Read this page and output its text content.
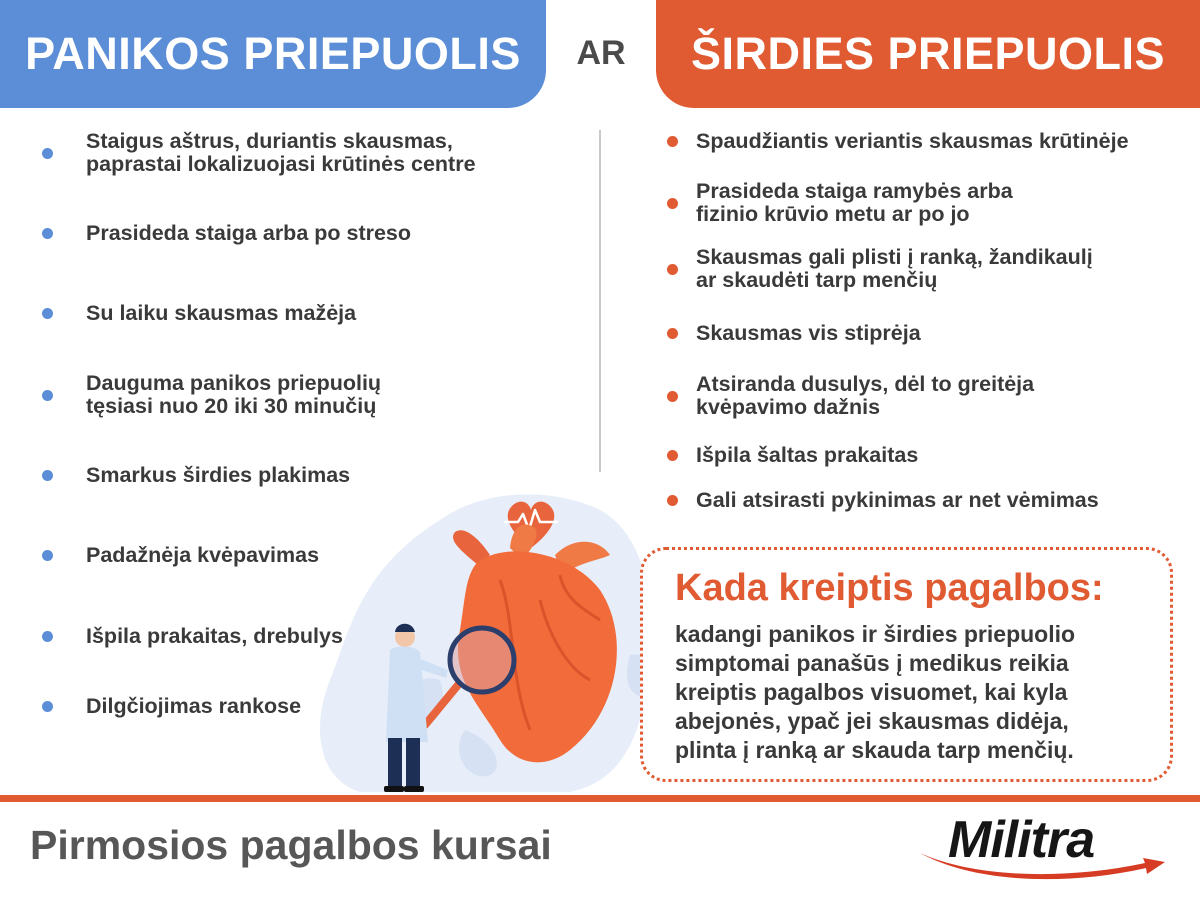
PANIKOS PRIEPUOLIS	AR	ŠIRDIES PRIEPUOLIS
Staigus aštrus, duriantis skausmas,
paprastai lokalizuojasi krūtinės centre
Prasideda staiga arba po streso
Su laiku skausmas mažėja
Dauguma panikos priepuolių
tęsiasi nuo 20 iki 30 minučių
Smarkus širdies plakimas
Padažnėja kvėpavimas
Išpila prakaitas, drebulys
Dilgčiojimas rankose
Spaudžiantis veriantis skausmas krūtinėje
Prasideda staiga ramybės arba
fizinio krūvio metu ar po jo
Skausmas gali plisti į ranką, žandikaulį
ar skaudėti tarp menčių
Skausmas vis stiprėja
Atsiranda dusulys, dėl to greitėja
kvėpavimo dažnis
Išpila šaltas prakaitas
Gali atsirasti pykinimas ar net vėmimas
Kada kreiptis pagalbos:
kadangi panikos ir širdies priepuolio
simptomai panašūs į medikus reikia
kreiptis pagalbos visuomet, kai kyla
abejonės, ypač jei skausmas didėja,
plinta į ranką ar skauda tarp menčių.
Pirmosios pagalbos kursai	Militra
